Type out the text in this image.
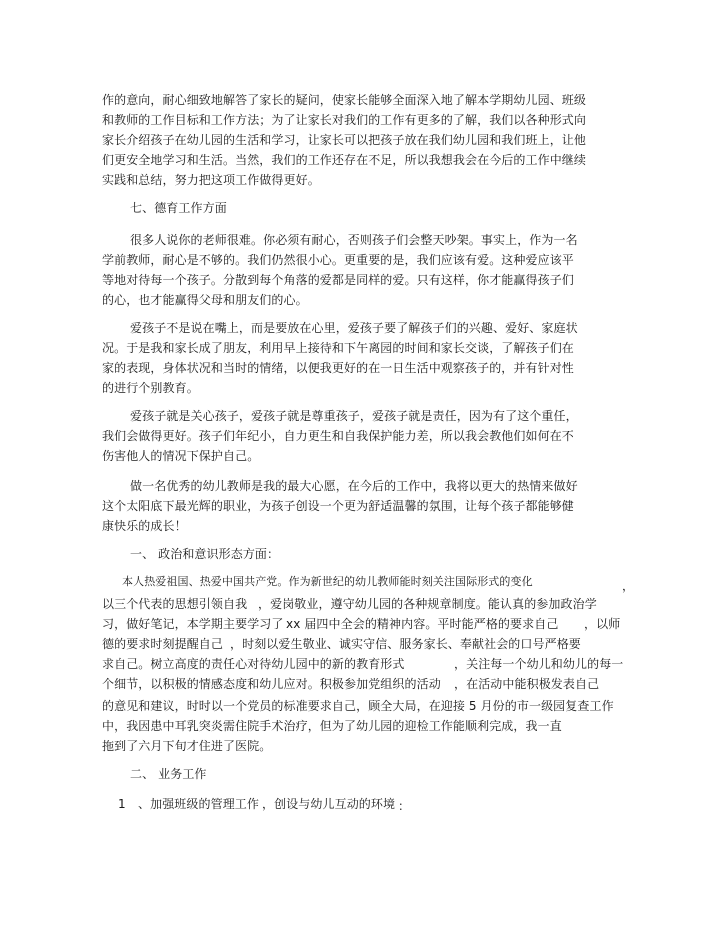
作的意向，耐心细致地解答了家长的疑问，使家长能够全面深入地了解本学期幼儿园、班级
和教师的工作目标和工作方法；为了让家长对我们的工作有更多的了解，我们以各种形式向
家长介绍孩子在幼儿园的生活和学习，让家长可以把孩子放在我们幼儿园和我们班上，让他
们更安全地学习和生活。当然，我们的工作还存在不足，所以我想我会在今后的工作中继续
实践和总结，努力把这项工作做得更好。
七、德育工作方面
很多人说你的老师很难。你必须有耐心，否则孩子们会整天吵架。事实上，作为一名
学前教师，耐心是不够的。我们仍然很小心。更重要的是，我们应该有爱。这种爱应该平
等地对待每一个孩子。分散到每个角落的爱都是同样的爱。只有这样，你才能赢得孩子们
的心，也才能赢得父母和朋友们的心。
爱孩子不是说在嘴上，而是要放在心里，爱孩子要了解孩子们的兴趣、爱好、家庭状
况。于是我和家长成了朋友，利用早上接待和下午离园的时间和家长交谈，了解孩子们在
家的表现，身体状况和当时的情绪，以便我更好的在一日生活中观察孩子的，并有针对性
的进行个别教育。
爱孩子就是关心孩子，爱孩子就是尊重孩子，爱孩子就是责任，因为有了这个重任，
我们会做得更好。孩子们年纪小，自力更生和自我保护能力差，所以我会教他们如何在不
伤害他人的情况下保护自己。
做一名优秀的幼儿教师是我的最大心愿，在今后的工作中，我将以更大的热情来做好
这个太阳底下最光辉的职业，为孩子创设一个更为舒适温馨的氛围，让每个孩子都能够健
康快乐的成长！
一、 政治和意识形态方面：
本人热爱祖国、热爱中国共产党。作为新世纪的幼儿教师能时刻关注国际形式的变化	，
以三个代表的思想引领自我 ，爱岗敬业，遵守幼儿园的各种规章制度。能认真的参加政治学
习，做好笔记，本学期主要学习了 xx 届四中全会的精神内容。平时能严格的要求自己 ，以师
德的要求时刻提醒自己 ，时刻以爱生敬业、诚实守信、服务家长、奉献社会的口号严格要
求自己。树立高度的责任心对待幼儿园中的新的教育形式	，关注每一个幼儿和幼儿的每一
个细节，以积极的情感态度和幼儿应对。积极参加党组织的活动 ，在活动中能积极发表自己
的意见和建议，时时以一个党员的标准要求自己，顾全大局，在迎接 5 月份的市一级园复查工作
中，我因患中耳乳突炎需住院手术治疗，但为了幼儿园的迎检工作能顺利完成，我一直
拖到了六月下旬才住进了医院。
二、 业务工作
1 、加强班级的管理工作 ，创设与幼儿互动的环境 ：
